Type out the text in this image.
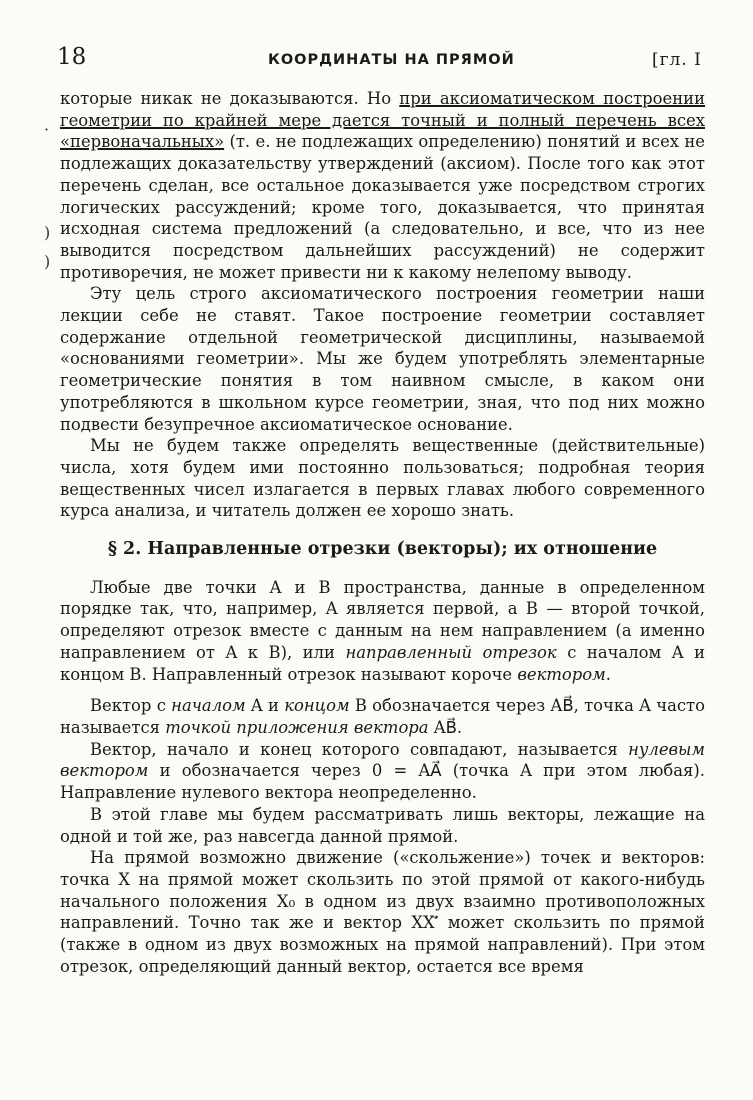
18	КООРДИНАТЫ НА ПРЯМОЙ	[гл. I
·
)
)

которые никак не доказываются. Но при аксиоматическом построении геометрии по крайней мере дается точный и полный перечень всех «первоначальных» (т. е. не подлежащих определению) понятий и всех не подлежащих доказательству утверждений (аксиом). После того как этот перечень сделан, все остальное доказывается уже посредством строгих логических рассуждений; кроме того, доказывается, что принятая исходная система предложений (а следовательно, и все, что из нее выводится посредством дальнейших рассуждений) не содержит противоречия, не может привести ни к какому нелепому выводу.

Эту цель строго аксиоматического построения геометрии наши лекции себе не ставят. Такое построение геометрии составляет содержание отдельной геометрической дисциплины, называемой «основаниями геометрии». Мы же будем употреблять элементарные геометрические понятия в том наивном смысле, в каком они употребляются в школьном курсе геометрии, зная, что под них можно подвести безупречное аксиоматическое основание.

Мы не будем также определять вещественные (действительные) числа, хотя будем ими постоянно пользоваться; подробная теория вещественных чисел излагается в первых главах любого современного курса анализа, и читатель должен ее хорошо знать.

§ 2. Направленные отрезки (векторы); их отношение

Любые две точки A и B пространства, данные в определенном порядке так, что, например, A является первой, а B — второй точкой, определяют отрезок вместе с данным на нем направлением (а именно направлением от A к B), или направленный отрезок с началом A и концом B. Направленный отрезок называют короче вектором.

Вектор с началом A и концом B обозначается через AB⃗, точка A часто называется точкой приложения вектора AB⃗.

Вектор, начало и конец которого совпадают, называется нулевым вектором и обозначается через 0 = AA⃗ (точка A при этом любая). Направление нулевого вектора неопределенно.

В этой главе мы будем рассматривать лишь векторы, лежащие на одной и той же, раз навсегда данной прямой.

На прямой возможно движение («скольжение») точек и векторов: точка X на прямой может скользить по этой прямой от какого-нибудь начального положения X₀ в одном из двух взаимно противоположных направлений. Точно так же и вектор XX′⃗ может скользить по прямой (также в одном из двух возможных на прямой направлений). При этом отрезок, определяющий данный вектор, остается все время
